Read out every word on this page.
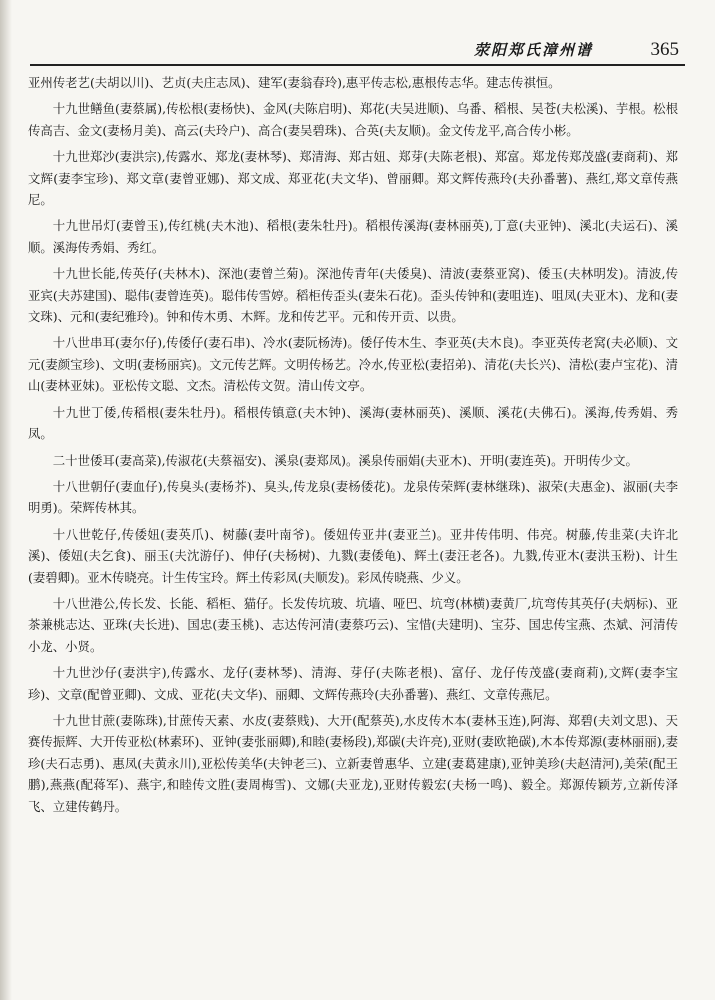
荥阳郑氏漳州谱	365

亚州传老艺(夫胡以川)、艺贞(夫庄志凤)、建军(妻翁春玲),惠平传志松,惠根传志华。建志传祺恒。

十九世鳝鱼(妻蔡属),传松根(妻杨快)、金风(夫陈启明)、郑花(夫吴进顺)、乌番、稻根、吴苍(夫松溪)、芋根。松根传高吉、金文(妻杨月美)、高云(夫玲户)、高合(妻吴碧珠)、合英(夫友顺)。金文传龙平,高合传小彬。

十九世郑沙(妻洪宗),传露水、郑龙(妻林琴)、郑清海、郑古妞、郑芽(夫陈老根)、郑富。郑龙传郑茂盛(妻商莉)、郑文辉(妻李宝珍)、郑文章(妻曾亚娜)、郑文成、郑亚花(夫文华)、曾丽卿。郑文辉传燕玲(夫孙番薯)、燕红,郑文章传燕尼。

十九世吊灯(妻曾玉),传红桃(夫木池)、稻根(妻朱牡丹)。稻根传溪海(妻林丽英),丁意(夫亚钟)、溪北(夫运石)、溪顺。溪海传秀娟、秀红。

十九世长能,传英仔(夫林木)、深池(妻曾兰菊)。深池传青年(夫倭臭)、清波(妻蔡亚窝)、倭玉(夫林明发)。清波,传亚宾(夫苏建国)、聪伟(妻曾连英)。聪伟传雪婷。稻柜传歪头(妻朱石花)。歪头传钟和(妻咀连)、咀凤(夫亚木)、龙和(妻文珠)、元和(妻纪雅玲)。钟和传木勇、木辉。龙和传艺平。元和传开贡、以贵。

十八世串耳(妻尔仔),传倭仔(妻石串)、冷水(妻阮杨涛)。倭仔传木生、李亚英(夫木良)。李亚英传老窝(夫必顺)、文元(妻颜宝珍)、文明(妻杨丽宾)。文元传艺辉。文明传杨艺。冷水,传亚松(妻招弟)、清花(夫长兴)、清松(妻卢宝花)、清山(妻林亚妹)。亚松传文聪、文杰。清松传文贺。清山传文亭。

十九世丁倭,传稻根(妻朱牡丹)。稻根传镇意(夫木钟)、溪海(妻林丽英)、溪顺、溪花(夫佛石)。溪海,传秀娟、秀凤。

二十世倭耳(妻高菜),传淑花(夫蔡福安)、溪泉(妻郑凤)。溪泉传丽娟(夫亚木)、开明(妻连英)。开明传少文。

十八世朝仔(妻血仔),传臭头(妻杨芥)、臭头,传龙泉(妻杨倭花)。龙泉传荣辉(妻林继珠)、淑荣(夫惠金)、淑丽(夫李明勇)。荣辉传林其。

十八世乾仔,传倭妞(妻英爪)、树藤(妻叶南爷)。倭妞传亚井(妻亚兰)。亚井传伟明、伟亮。树藤,传韭菜(夫许北溪)、倭妞(夫乞食)、丽玉(夫沈游仔)、伸仔(夫杨树)、九戮(妻倭龟)、辉土(妻汪老各)。九戮,传亚木(妻洪玉粉)、计生(妻碧卿)。亚木传晓亮。计生传宝玲。辉土传彩凤(夫顺发)。彩凤传晓燕、少义。

十八世港公,传长发、长能、稻柜、猫仔。长发传坑玻、坑墙、哑巴、坑弯(林横)妻黄厂,坑弯传其英仔(夫炳标)、亚茶兼桃志达、亚珠(夫长进)、国忠(妻玉桃)、志达传河清(妻蔡巧云)、宝惜(夫建明)、宝芬、国忠传宝燕、杰斌、河清传小龙、小贤。

十九世沙仔(妻洪宇),传露水、龙仔(妻林琴)、清海、芽仔(夫陈老根)、富仔、龙仔传茂盛(妻商莉),文辉(妻李宝珍)、文章(配曾亚卿)、文成、亚花(夫文华)、丽卿、文辉传燕玲(夫孙番薯)、燕红、文章传燕尼。

十九世甘蔗(妻陈珠),甘蔗传天素、水皮(妻蔡贱)、大开(配蔡英),水皮传木本(妻林玉连),阿海、郑碧(夫刘文思)、天赛传振辉、大开传亚松(林素环)、亚钟(妻张丽卿),和睦(妻杨段),郑碳(夫许亮),亚财(妻欧艳碳),木本传郑源(妻林丽丽),妻珍(夫石志勇)、惠凤(夫黄永川),亚松传美华(夫钟老三)、立新妻曾惠华、立建(妻葛建康),亚钟美珍(夫赵清河),美荣(配王鹏),燕燕(配蒋军)、燕宇,和睦传文胜(妻周梅雪)、文娜(夫亚龙),亚财传毅宏(夫杨一鸣)、毅全。郑源传颖芳,立新传泽飞、立建传鹤丹。
